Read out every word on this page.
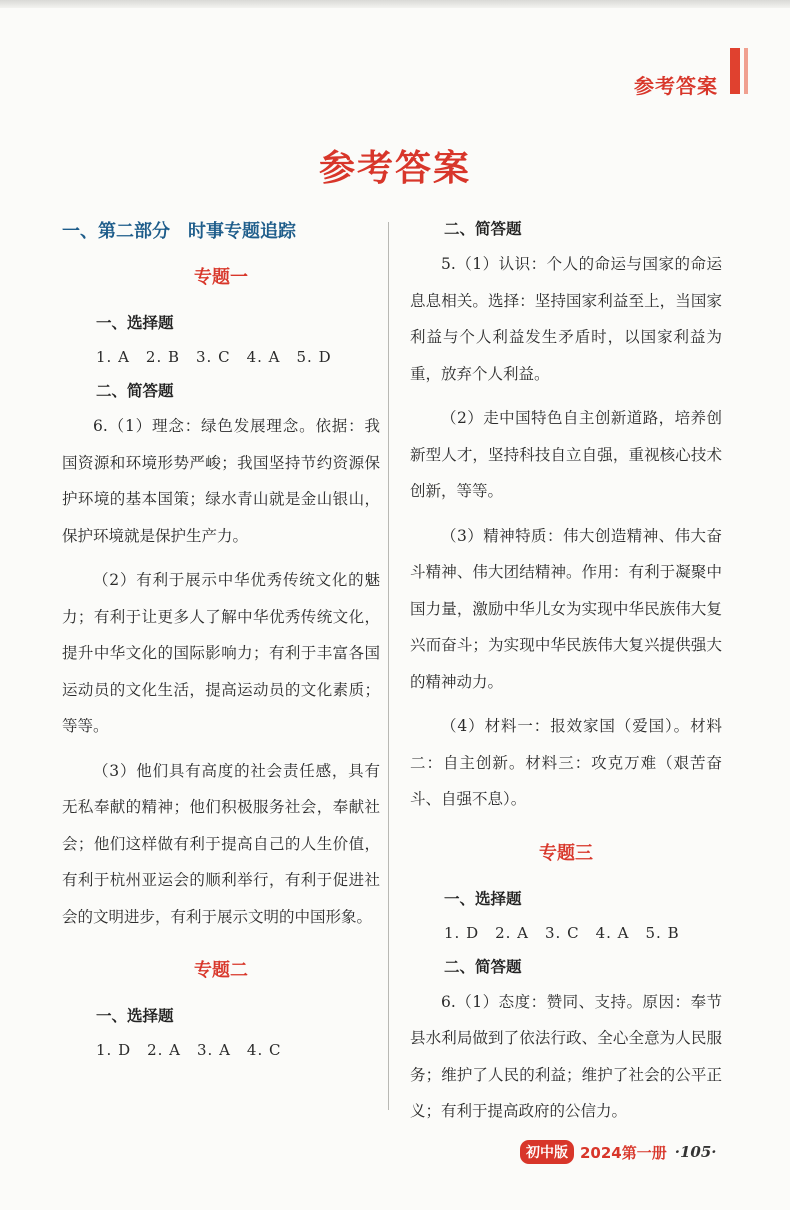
参考答案
参考答案
一、第二部分　时事专题追踪
专题一
一、选择题
1. A　2. B　3. C　4. A　5. D
二、简答题

6.（1）理念：绿色发展理念。依据：我国资源和环境形势严峻；我国坚持节约资源保护环境的基本国策；绿水青山就是金山银山，保护环境就是保护生产力。

（2）有利于展示中华优秀传统文化的魅力；有利于让更多人了解中华优秀传统文化，提升中华文化的国际影响力；有利于丰富各国运动员的文化生活，提高运动员的文化素质；等等。

（3）他们具有高度的社会责任感，具有无私奉献的精神；他们积极服务社会，奉献社会；他们这样做有利于提高自己的人生价值，有利于杭州亚运会的顺利举行，有利于促进社会的文明进步，有利于展示文明的中国形象。

专题二
一、选择题
1. D　2. A　3. A　4. C
二、简答题

5.（1）认识：个人的命运与国家的命运息息相关。选择：坚持国家利益至上，当国家利益与个人利益发生矛盾时，以国家利益为重，放弃个人利益。

（2）走中国特色自主创新道路，培养创新型人才，坚持科技自立自强，重视核心技术创新，等等。

（3）精神特质：伟大创造精神、伟大奋斗精神、伟大团结精神。作用：有利于凝聚中国力量，激励中华儿女为实现中华民族伟大复兴而奋斗；为实现中华民族伟大复兴提供强大的精神动力。

（4）材料一：报效家国（爱国）。材料二：自主创新。材料三：攻克万难（艰苦奋斗、自强不息）。

专题三
一、选择题
1. D　2. A　3. C　4. A　5. B
二、简答题

6.（1）态度：赞同、支持。原因：奉节县水利局做到了依法行政、全心全意为人民服务；维护了人民的利益；维护了社会的公平正义；有利于提高政府的公信力。

初中版 2024第一册 ·105·
